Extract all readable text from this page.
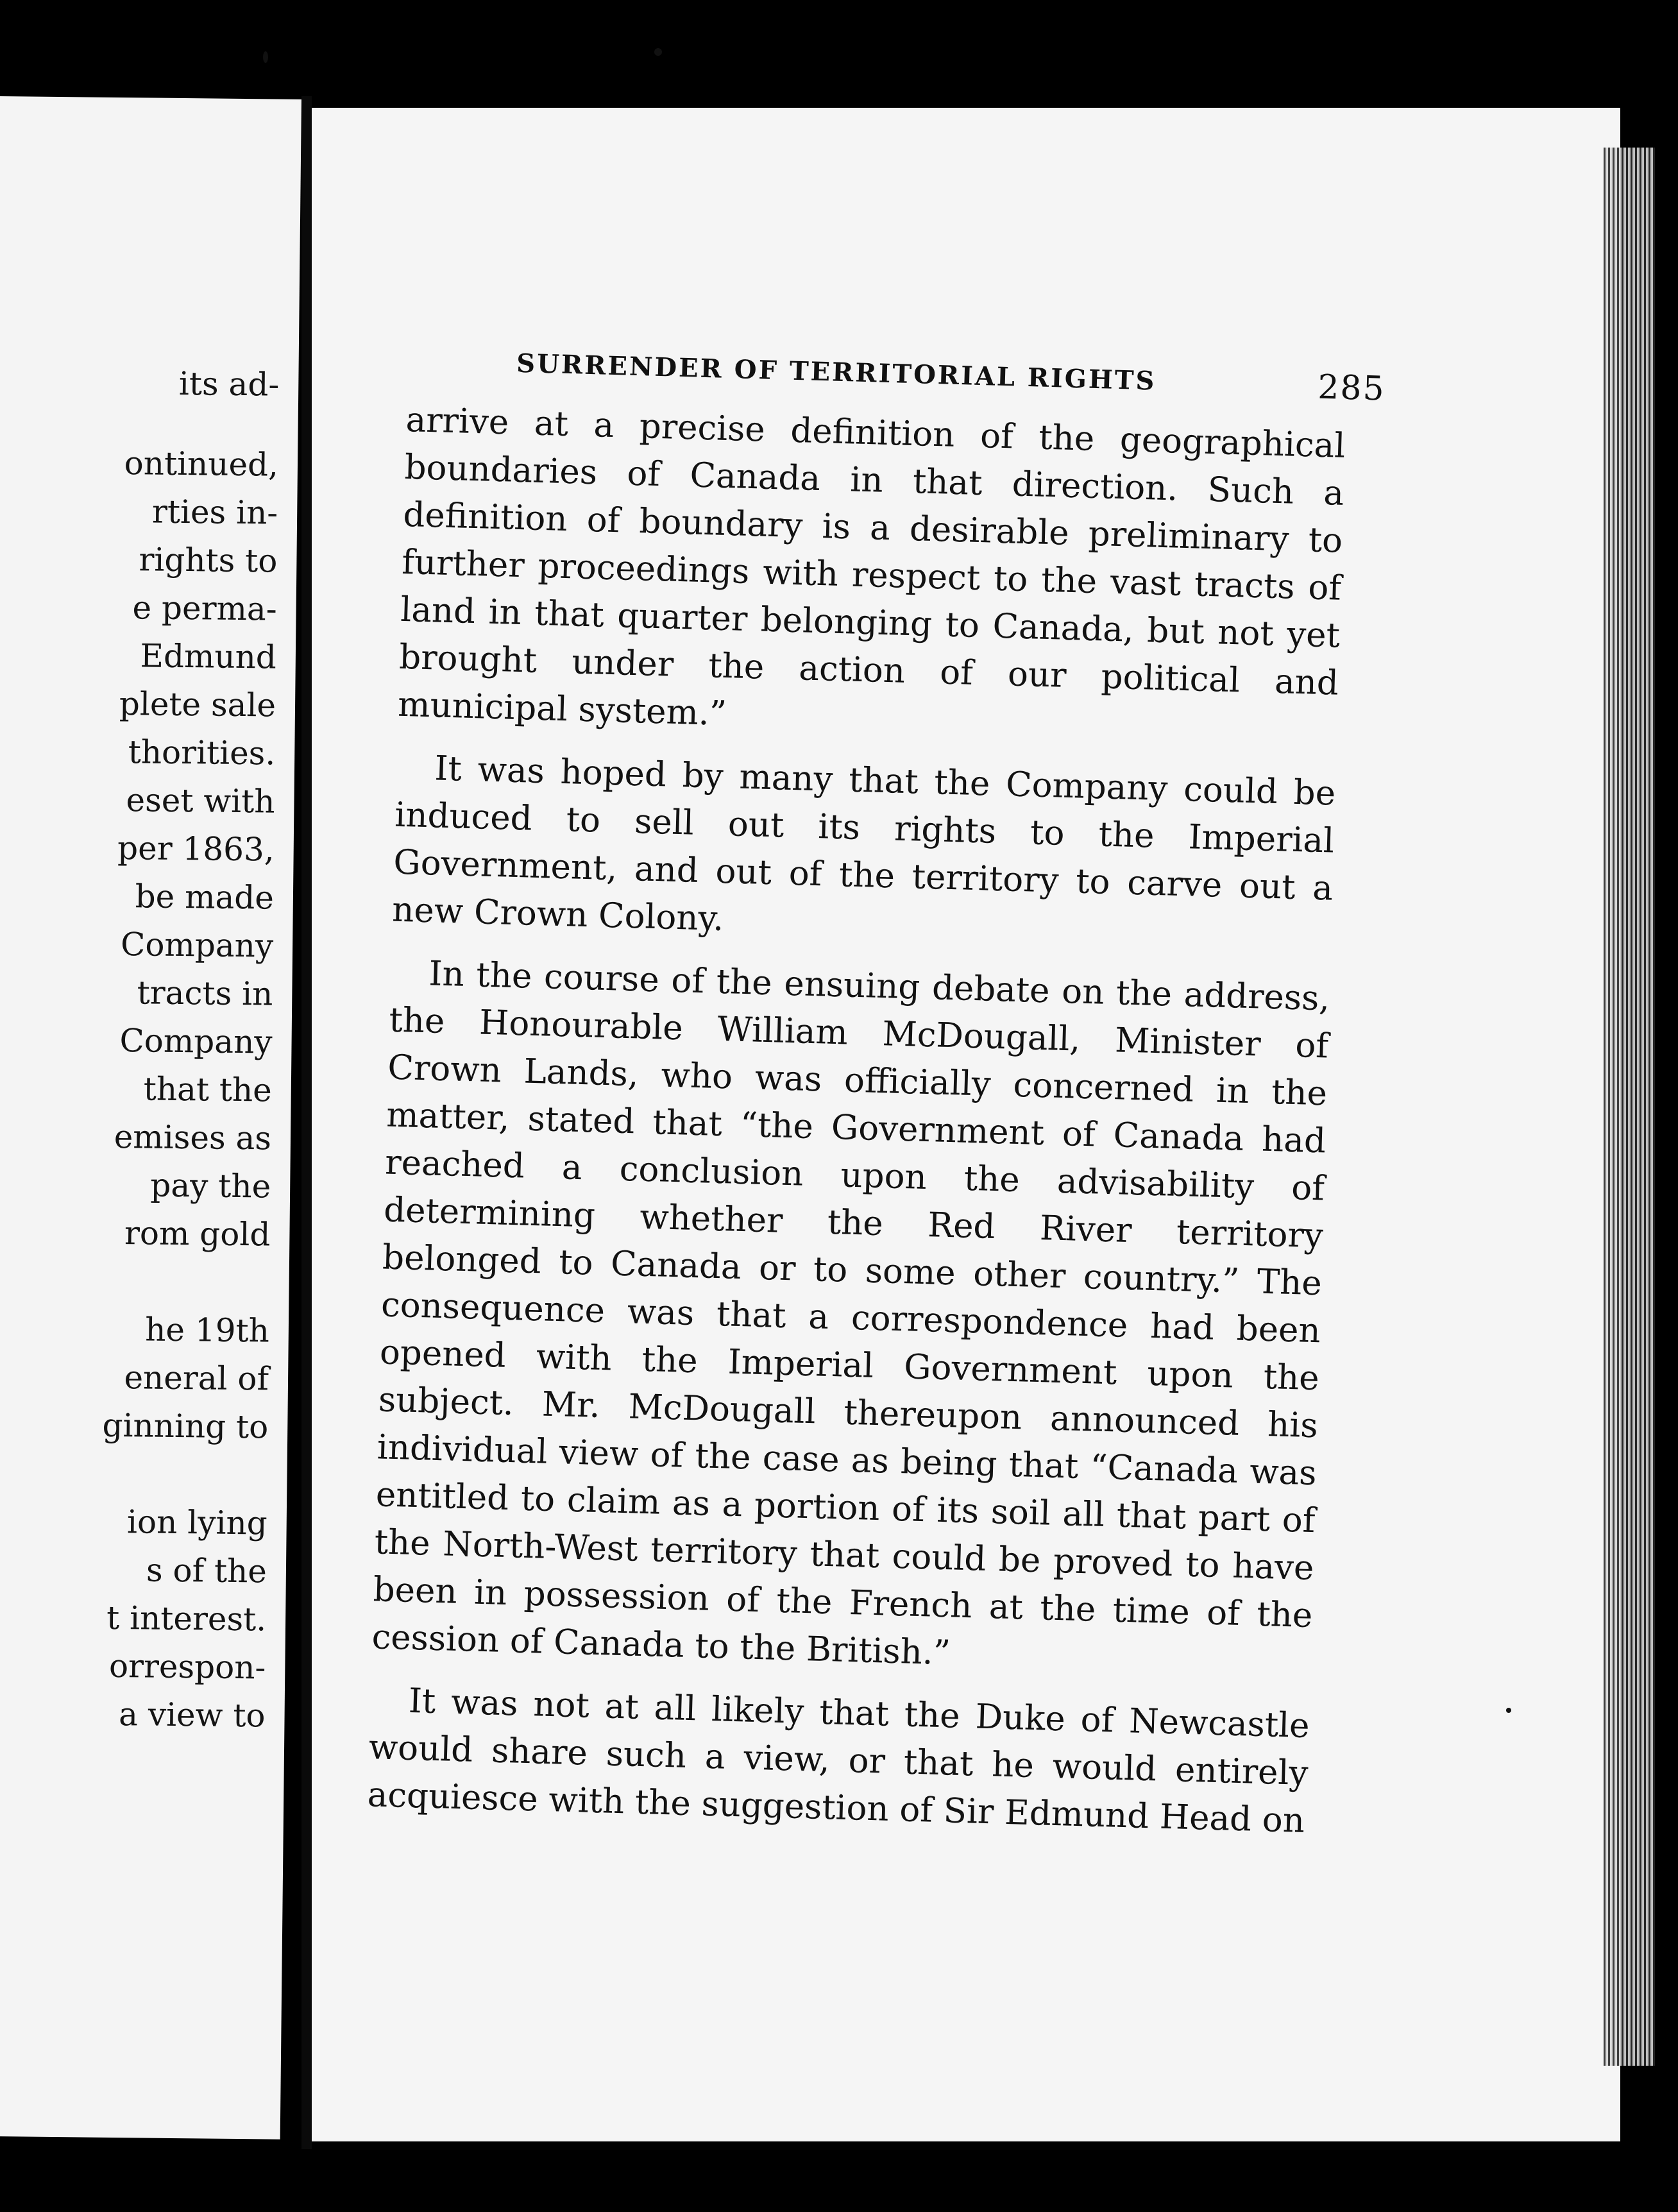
its ad-
ontinued,
rties in-
rights to
e perma-
Edmund
plete sale
thorities.
eset with
per 1863,
be made
Company
tracts in
Company
that the
emises as
pay the
rom gold
he 19th
eneral of
ginning to
ion lying
s of the
t interest.
orrespon-
a view to
SURRENDER OF TERRITORIAL RIGHTS	285

arrive at a precise definition of the geographical boundaries of Canada in that direction. Such a definition of boundary is a desirable preliminary to further proceedings with respect to the vast tracts of land in that quarter belonging to Canada, but not yet brought under the action of our political and municipal system.”

It was hoped by many that the Company could be induced to sell out its rights to the Imperial Government, and out of the territory to carve out a new Crown Colony.

In the course of the ensuing debate on the address, the Honourable William McDougall, Minister of Crown Lands, who was officially concerned in the matter, stated that “the Government of Canada had reached a conclusion upon the advisability of determining whether the Red River territory belonged to Canada or to some other country.” The consequence was that a correspondence had been opened with the Imperial Government upon the subject. Mr. McDougall thereupon announced his individual view of the case as being that “Canada was entitled to claim as a portion of its soil all that part of the North-West territory that could be proved to have been in possession of the French at the time of the cession of Canada to the British.”

It was not at all likely that the Duke of Newcastle would share such a view, or that he would entirely acquiesce with the suggestion of Sir Edmund Head on
